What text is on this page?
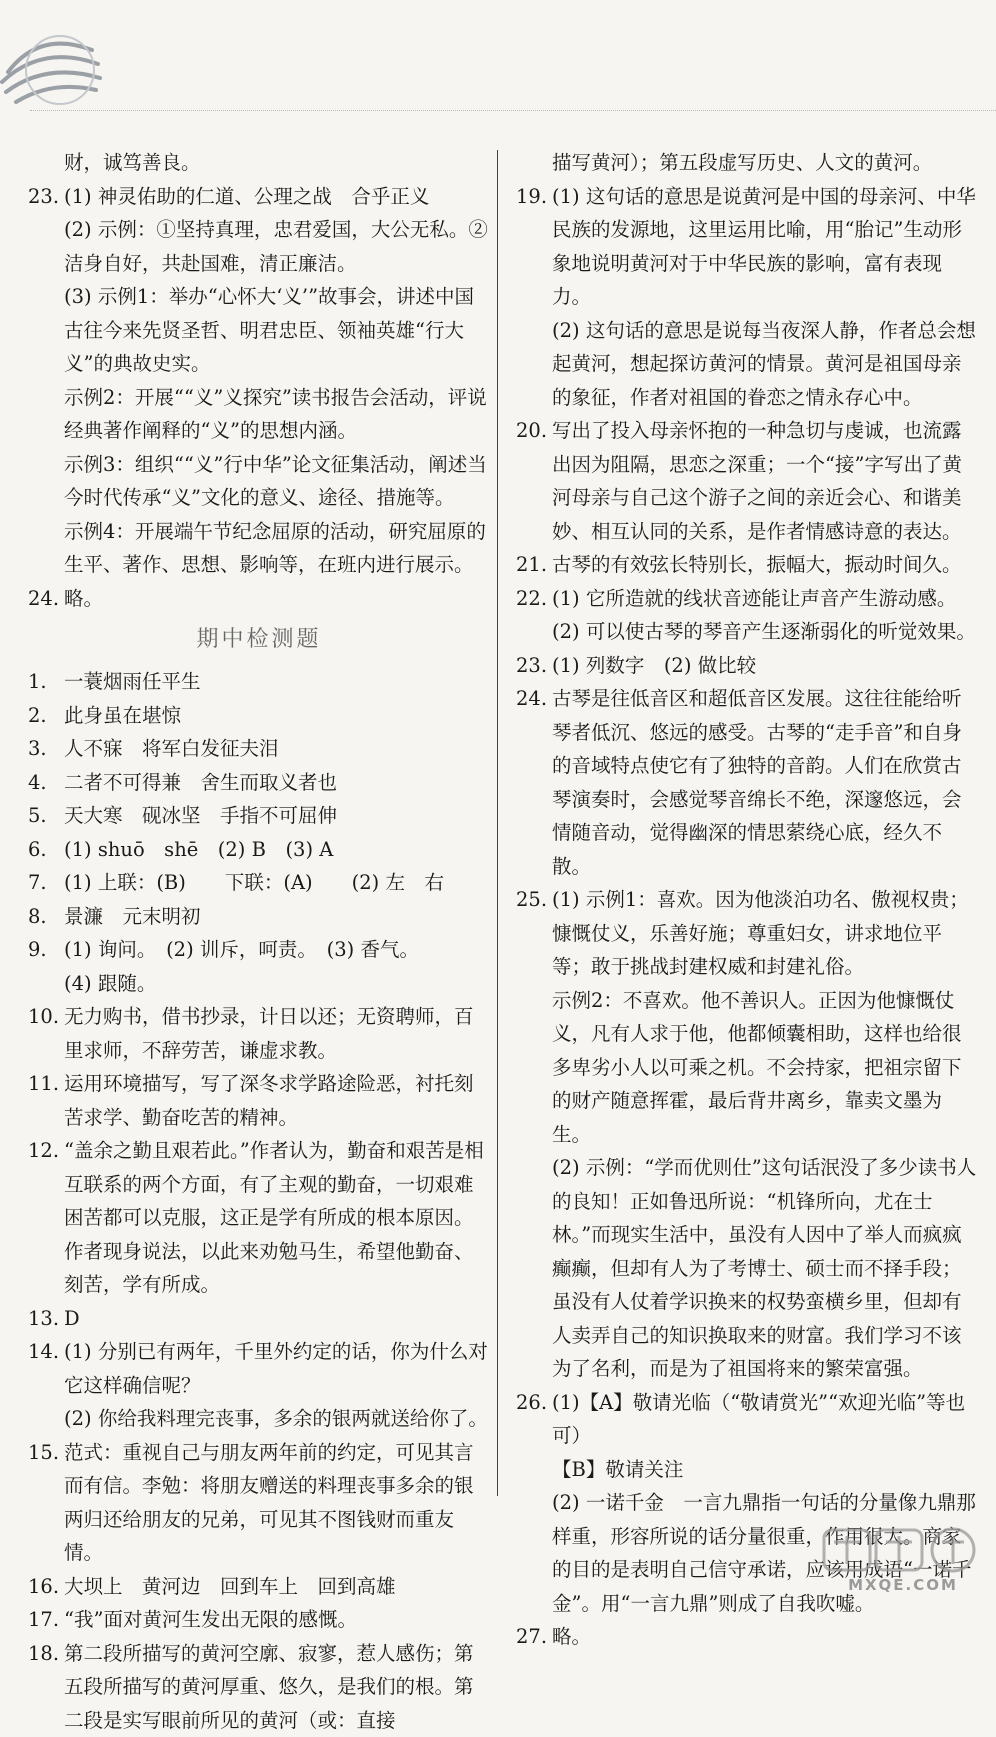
财，诚笃善良。
23. (1) 神灵佑助的仁道、公理之战　合乎正义
(2) 示例：①坚持真理，忠君爱国，大公无私。②洁身自好，共赴国难，清正廉洁。
(3) 示例1：举办“心怀大‘义’”故事会，讲述中国古往今来先贤圣哲、明君忠臣、领袖英雄“行大义”的典故史实。
示例2：开展““义”义探究”读书报告会活动，评说经典著作阐释的“义”的思想内涵。
示例3：组织““义”行中华”论文征集活动，阐述当今时代传承“义”文化的意义、途径、措施等。
示例4：开展端午节纪念屈原的活动，研究屈原的生平、著作、思想、影响等，在班内进行展示。
24. 略。
期中检测题
1. 一蓑烟雨任平生
2. 此身虽在堪惊
3. 人不寐　将军白发征夫泪
4. 二者不可得兼　舍生而取义者也
5. 天大寒　砚冰坚　手指不可屈伸
6. (1) shuō　shē　(2) B　(3) A
7. (1) 上联：(B)　　下联：(A)　　(2) 左　右
8. 景濂　元末明初
9. (1) 询问。　(2) 训斥，呵责。　(3) 香气。
(4) 跟随。
10. 无力购书，借书抄录，计日以还；无资聘师，百里求师，不辞劳苦，谦虚求教。
11. 运用环境描写，写了深冬求学路途险恶，衬托刻苦求学、勤奋吃苦的精神。
12. “盖余之勤且艰若此。”作者认为，勤奋和艰苦是相互联系的两个方面，有了主观的勤奋，一切艰难困苦都可以克服，这正是学有所成的根本原因。作者现身说法，以此来劝勉马生，希望他勤奋、刻苦，学有所成。
13. D
14. (1) 分别已有两年，千里外约定的话，你为什么对它这样确信呢？
(2) 你给我料理完丧事，多余的银两就送给你了。
15. 范式：重视自己与朋友两年前的约定，可见其言而有信。李勉：将朋友赠送的料理丧事多余的银两归还给朋友的兄弟，可见其不图钱财而重友情。
16. 大坝上　黄河边　回到车上　回到高雄
17. “我”面对黄河生发出无限的感慨。
18. 第二段所描写的黄河空廓、寂寥，惹人感伤；第五段所描写的黄河厚重、悠久，是我们的根。第二段是实写眼前所见的黄河（或：直接
描写黄河）；第五段虚写历史、人文的黄河。
19. (1) 这句话的意思是说黄河是中国的母亲河、中华民族的发源地，这里运用比喻，用“胎记”生动形象地说明黄河对于中华民族的影响，富有表现力。
(2) 这句话的意思是说每当夜深人静，作者总会想起黄河，想起探访黄河的情景。黄河是祖国母亲的象征，作者对祖国的眷恋之情永存心中。
20. 写出了投入母亲怀抱的一种急切与虔诚，也流露出因为阻隔，思恋之深重；一个“接”字写出了黄河母亲与自己这个游子之间的亲近会心、和谐美妙、相互认同的关系，是作者情感诗意的表达。
21. 古琴的有效弦长特别长，振幅大，振动时间久。
22. (1) 它所造就的线状音迹能让声音产生游动感。
(2) 可以使古琴的琴音产生逐渐弱化的听觉效果。
23. (1) 列数字　(2) 做比较
24. 古琴是往低音区和超低音区发展。这往往能给听琴者低沉、悠远的感受。古琴的“走手音”和自身的音域特点使它有了独特的音韵。人们在欣赏古琴演奏时，会感觉琴音绵长不绝，深邃悠远，会情随音动，觉得幽深的情思萦绕心底，经久不散。
25. (1) 示例1：喜欢。因为他淡泊功名、傲视权贵；慷慨仗义，乐善好施；尊重妇女，讲求地位平等；敢于挑战封建权威和封建礼俗。
示例2：不喜欢。他不善识人。正因为他慷慨仗义，凡有人求于他，他都倾囊相助，这样也给很多卑劣小人以可乘之机。不会持家，把祖宗留下的财产随意挥霍，最后背井离乡，靠卖文墨为生。
(2) 示例：“学而优则仕”这句话泯没了多少读书人的良知！正如鲁迅所说：“机锋所向，尤在士林。”而现实生活中，虽没有人因中了举人而疯疯癫癫，但却有人为了考博士、硕士而不择手段；虽没有人仗着学识换来的权势蛮横乡里，但却有人卖弄自己的知识换取来的财富。我们学习不该为了名利，而是为了祖国将来的繁荣富强。
26. (1)【A】敬请光临（“敬请赏光”“欢迎光临”等也可）
【B】敬请关注
(2) 一诺千金　一言九鼎指一句话的分量像九鼎那样重，形容所说的话分量很重，作用很大。商家的目的是表明自己信守承诺，应该用成语“一诺千金”。用“一言九鼎”则成了自我吹嘘。
27. 略。
MXQE.COM
